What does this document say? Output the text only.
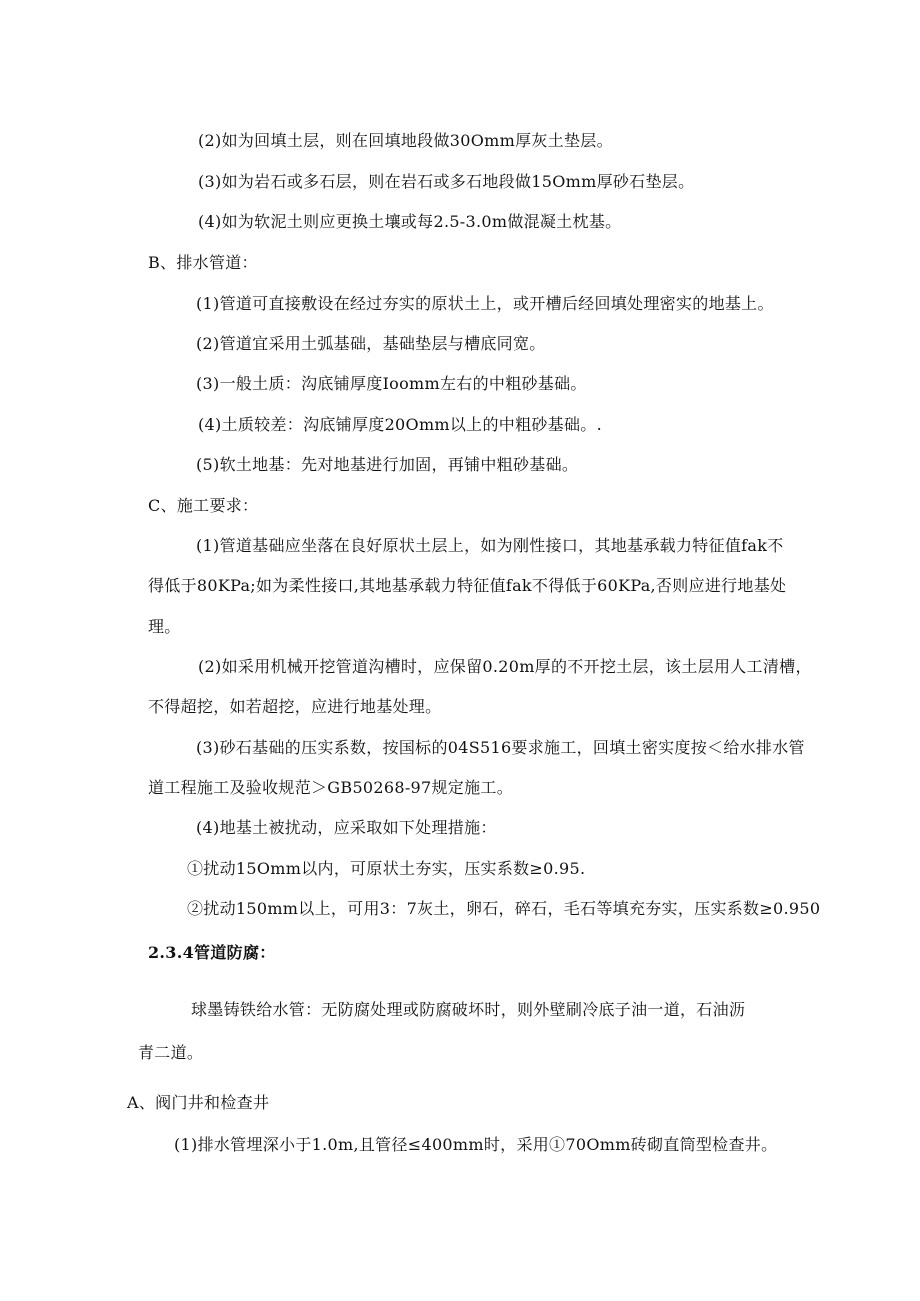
(2)如为回填土层，则在回填地段做30Omm厚灰土垫层。
(3)如为岩石或多石层，则在岩石或多石地段做15Omm厚砂石垫层。
(4)如为软泥土则应更换土壤或每2.5-3.0m做混凝土枕基。
B、排水管道：
(1)管道可直接敷设在经过夯实的原状土上，或开槽后经回填处理密实的地基上。
(2)管道宜采用土弧基础，基础垫层与槽底同宽。
(3)一般土质：沟底铺厚度Ioomm左右的中粗砂基础。
(4)土质较差：沟底铺厚度20Omm以上的中粗砂基础。.
(5)软土地基：先对地基进行加固，再铺中粗砂基础。
C、施工要求：
(1)管道基础应坐落在良好原状土层上，如为刚性接口，其地基承载力特征值fak不
得低于80KPa;如为柔性接口,其地基承载力特征值fak不得低于60KPa,否则应进行地基处
理。
(2)如采用机械开挖管道沟槽时，应保留0.20m厚的不开挖土层，该土层用人工清槽，
不得超挖，如若超挖，应进行地基处理。
(3)砂石基础的压实系数，按国标的04S516要求施工，回填土密实度按＜给水排水管
道工程施工及验收规范＞GB50268-97规定施工。
(4)地基土被扰动，应采取如下处理措施：
①扰动15Omm以内，可原状土夯实，压实系数≥0.95.
②扰动150mm以上，可用3：7灰土，卵石，碎石，毛石等填充夯实，压实系数≥0.950
2.3.4管道防腐：
球墨铸铁给水管：无防腐处理或防腐破坏时，则外壁刷冷底子油一道，石油沥
青二道。
A、阀门井和检查井
(1)排水管埋深小于1.0m,且管径≤400mm时，采用①70Omm砖砌直筒型检查井。
